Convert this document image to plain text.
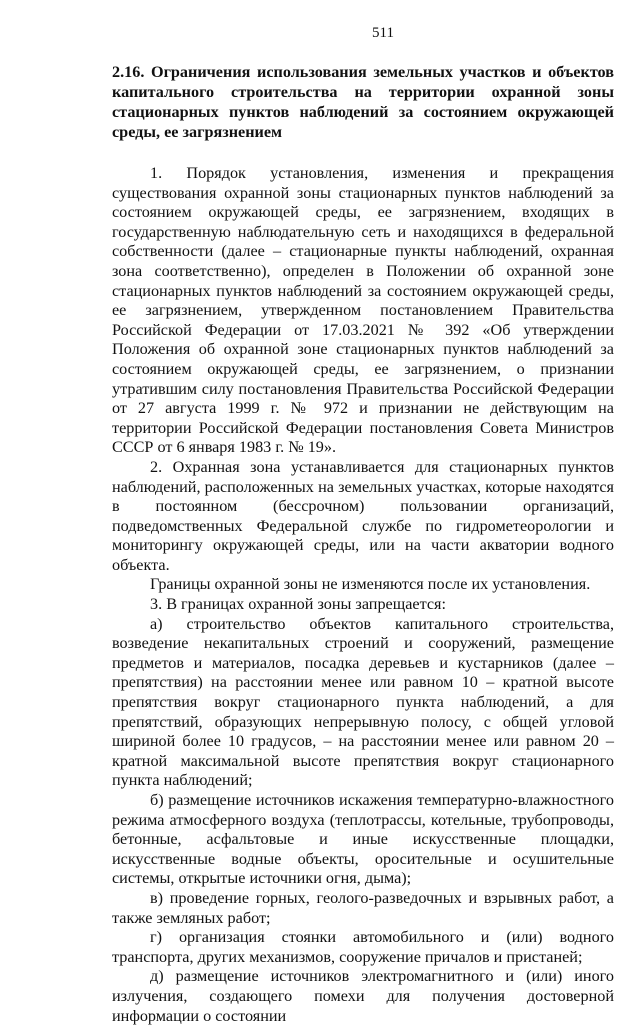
511
2.16. Ограничения использования земельных участков и объектов капитального строительства на территории охранной зоны стационарных пунктов наблюдений за состоянием окружающей среды, ее загрязнением

1. Порядок установления, изменения и прекращения существования охранной зоны стационарных пунктов наблюдений за состоянием окружающей среды, ее загрязнением, входящих в государственную наблюдательную сеть и находящихся в федеральной собственности (далее – стационарные пункты наблюдений, охранная зона соответственно), определен в Положении об охранной зоне стационарных пунктов наблюдений за состоянием окружающей среды, ее загрязнением, утвержденном постановлением Правительства Российской Федерации от 17.03.2021 № 392 «Об утверждении Положения об охранной зоне стационарных пунктов наблюдений за состоянием окружающей среды, ее загрязнением, о признании утратившим силу постановления Правительства Российской Федерации от 27 августа 1999 г. № 972 и признании не действующим на территории Российской Федерации постановления Совета Министров СССР от 6 января 1983 г. № 19».

2. Охранная зона устанавливается для стационарных пунктов наблюдений, расположенных на земельных участках, которые находятся в постоянном (бессрочном) пользовании организаций, подведомственных Федеральной службе по гидрометеорологии и мониторингу окружающей среды, или на части акватории водного объекта.

Границы охранной зоны не изменяются после их установления.

3. В границах охранной зоны запрещается:

а) строительство объектов капитального строительства, возведение некапитальных строений и сооружений, размещение предметов и материалов, посадка деревьев и кустарников (далее – препятствия) на расстоянии менее или равном 10 – кратной высоте препятствия вокруг стационарного пункта наблюдений, а для препятствий, образующих непрерывную полосу, с общей угловой шириной более 10 градусов, – на расстоянии менее или равном 20 – кратной максимальной высоте препятствия вокруг стационарного пункта наблюдений;

б) размещение источников искажения температурно-влажностного режима атмосферного воздуха (теплотрассы, котельные, трубопроводы, бетонные, асфальтовые и иные искусственные площадки, искусственные водные объекты, оросительные и осушительные системы, открытые источники огня, дыма);

в) проведение горных, геолого-разведочных и взрывных работ, а также земляных работ;

г) организация стоянки автомобильного и (или) водного транспорта, других механизмов, сооружение причалов и пристаней;

д) размещение источников электромагнитного и (или) иного излучения, создающего помехи для получения достоверной информации о состоянии
